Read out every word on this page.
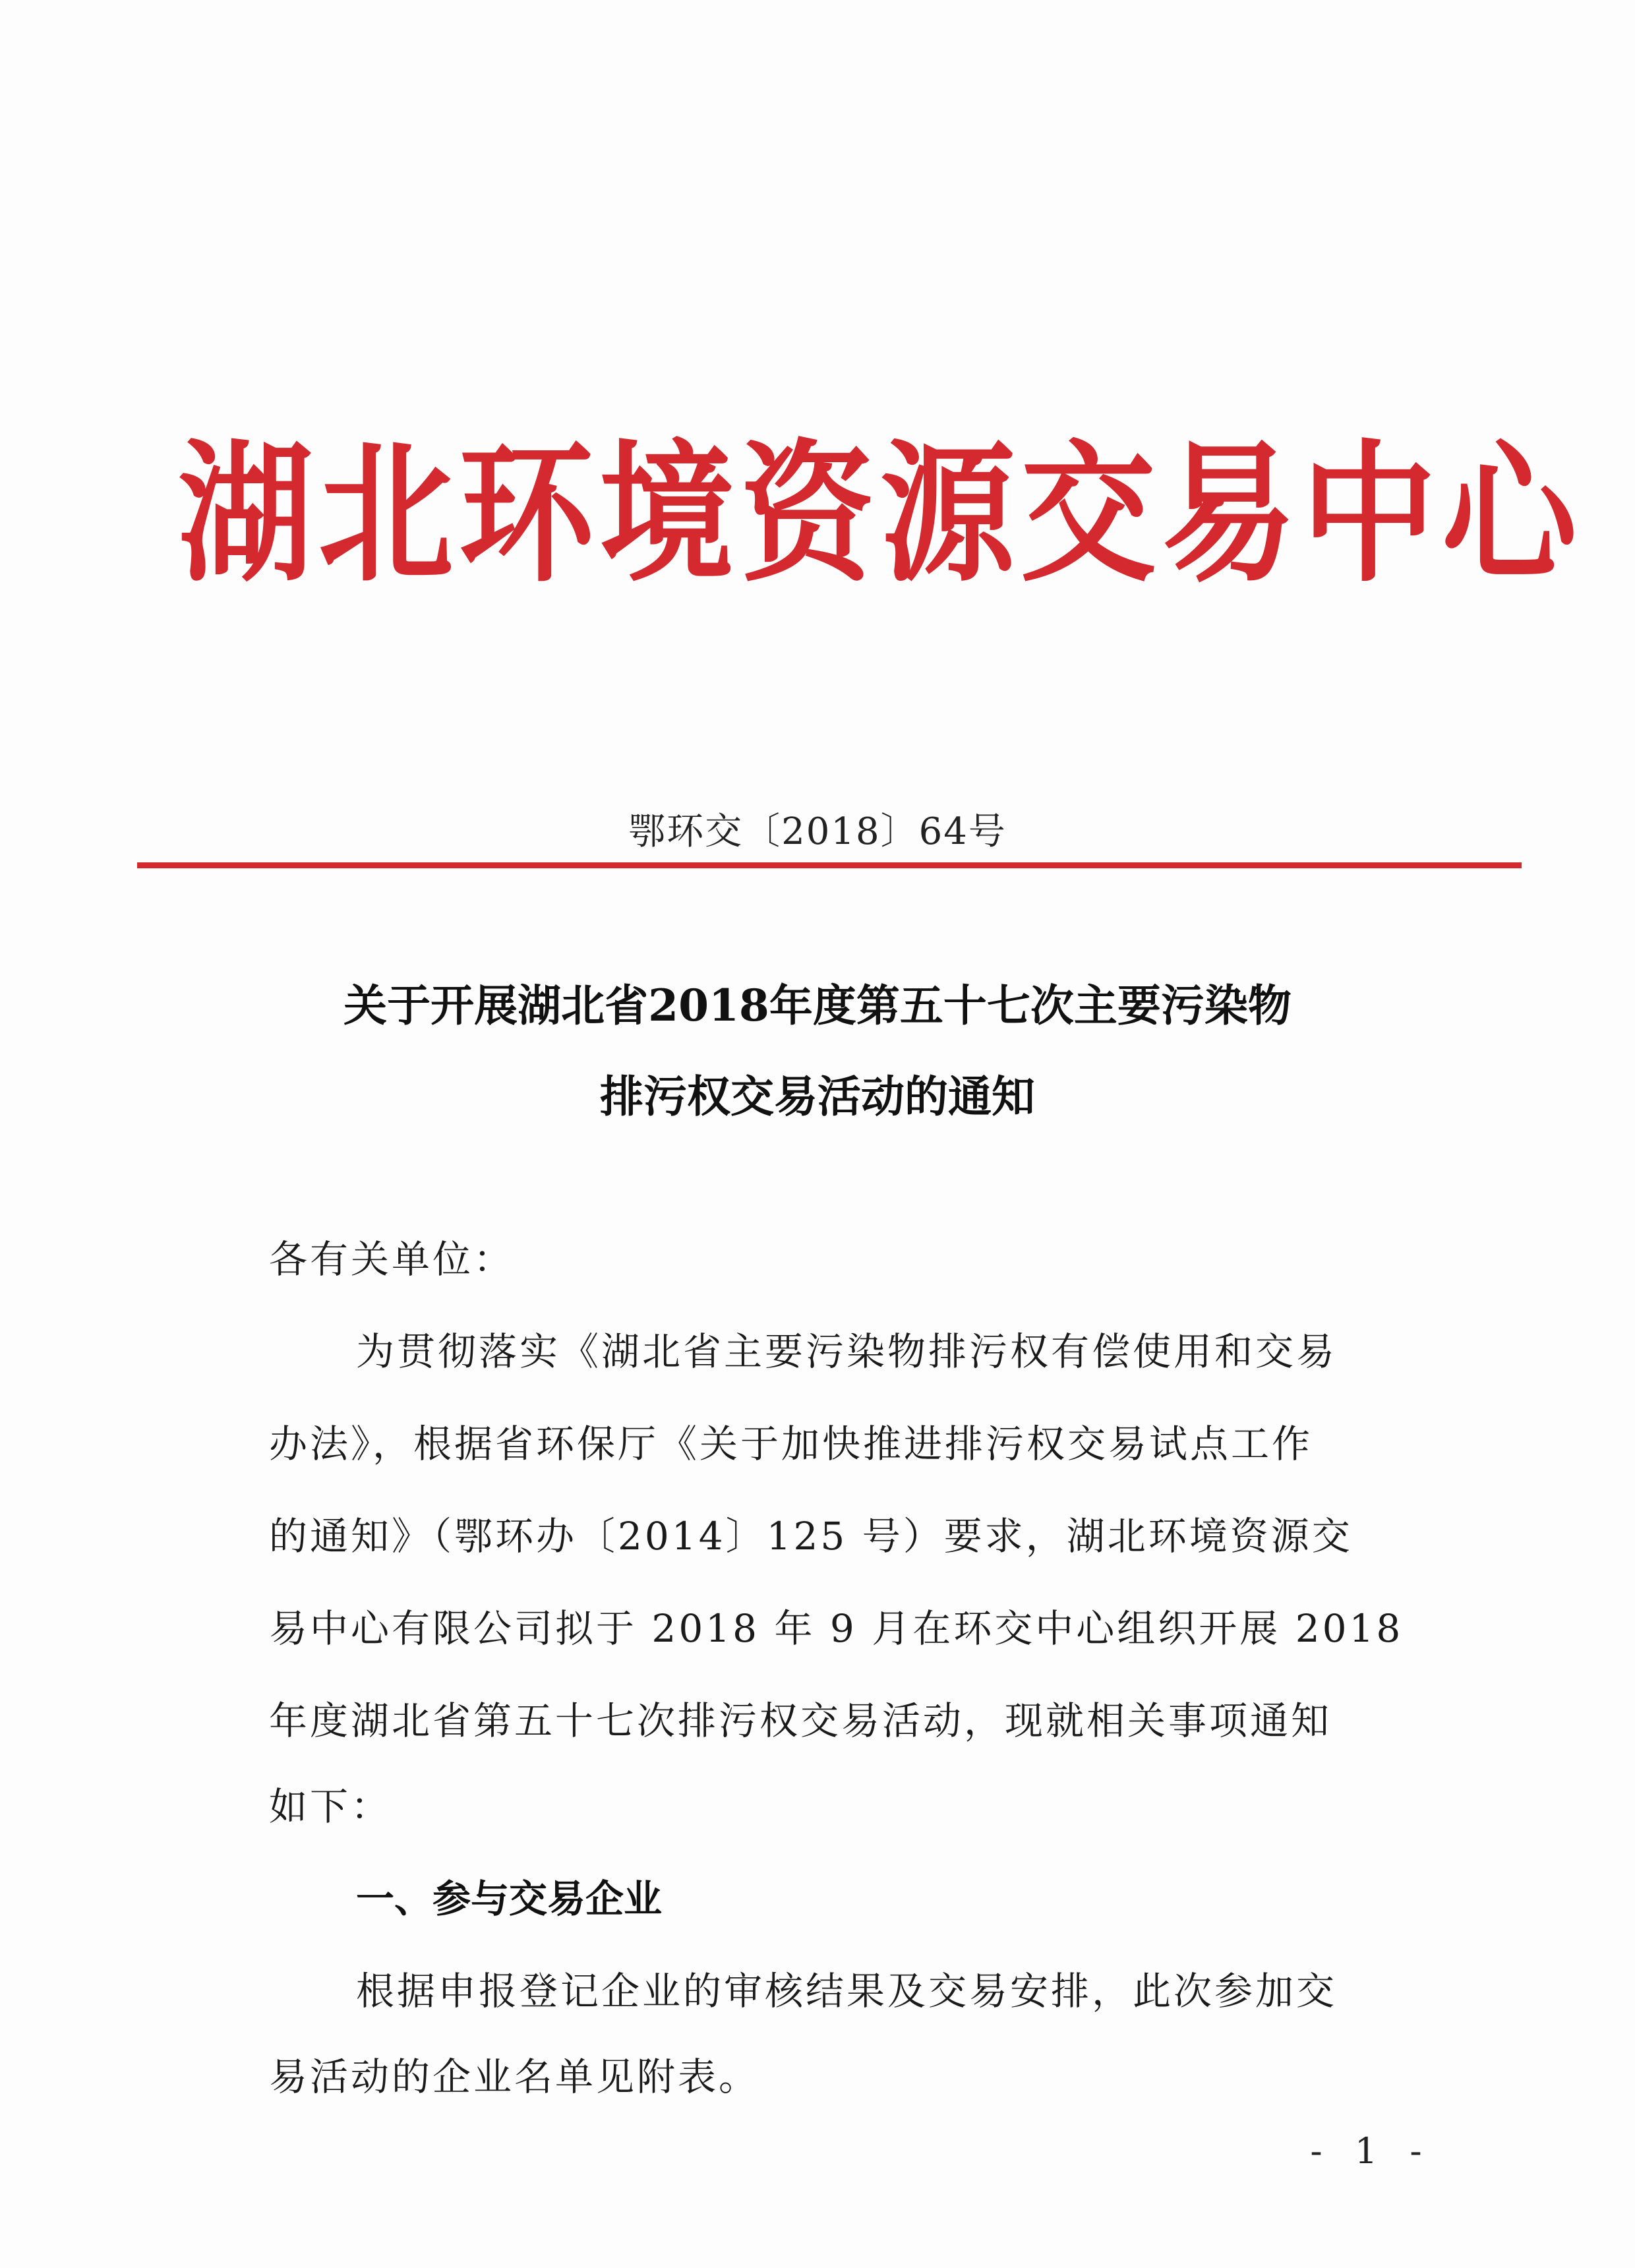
湖北环境资源交易中心
鄂环交〔2018〕64号
关于开展湖北省2018年度第五十七次主要污染物
排污权交易活动的通知
各有关单位：
为贯彻落实《湖北省主要污染物排污权有偿使用和交易
办法》，根据省环保厅《关于加快推进排污权交易试点工作
的通知》（鄂环办〔2014〕125 号）要求，湖北环境资源交
易中心有限公司拟于 2018 年 9 月在环交中心组织开展 2018
年度湖北省第五十七次排污权交易活动，现就相关事项通知
如下：
一、参与交易企业
根据申报登记企业的审核结果及交易安排，此次参加交
易活动的企业名单见附表。
- 1 -
